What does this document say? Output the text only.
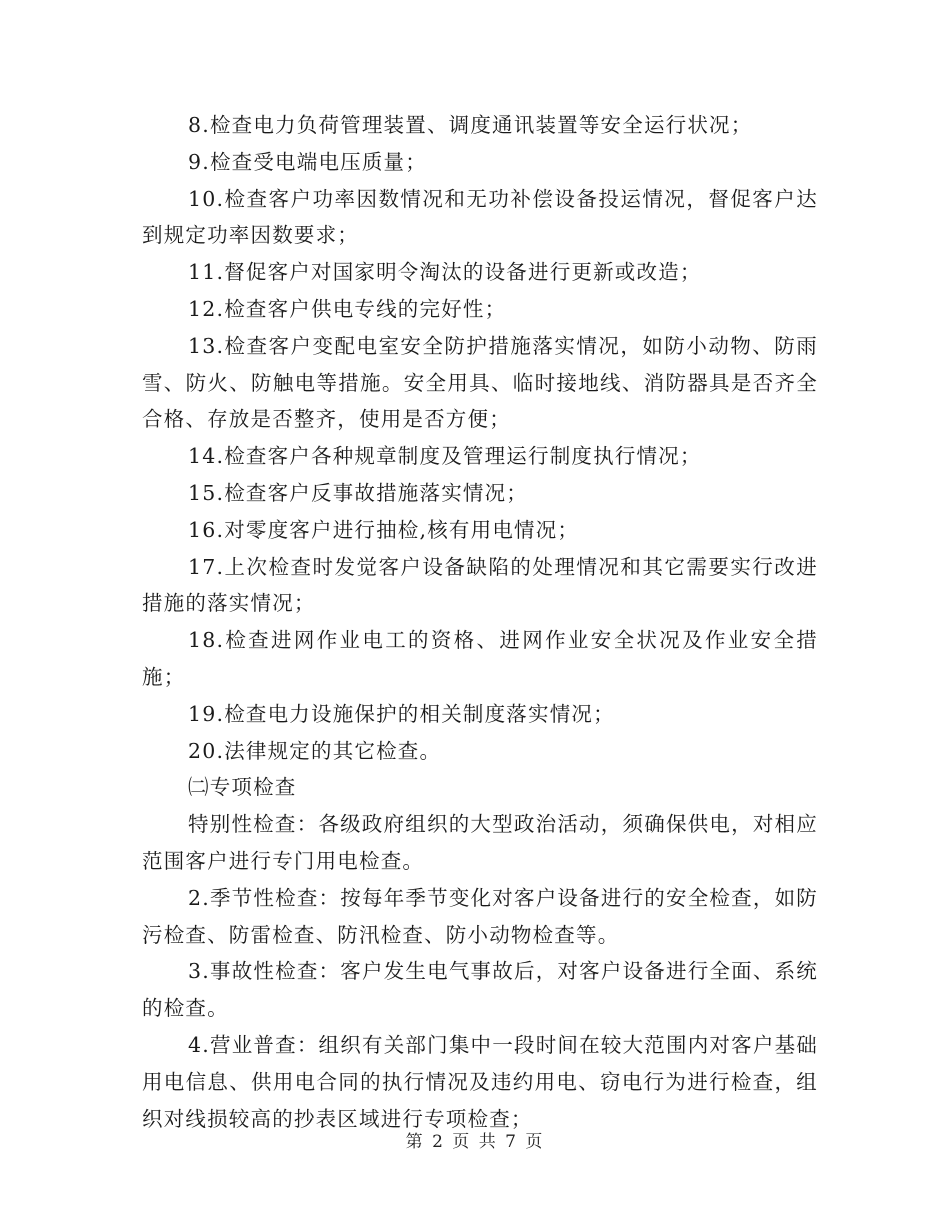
8.检查电力负荷管理装置、调度通讯装置等安全运行状况；

9.检查受电端电压质量；

10.检查客户功率因数情况和无功补偿设备投运情况，督促客户达到规定功率因数要求；

11.督促客户对国家明令淘汰的设备进行更新或改造；

12.检查客户供电专线的完好性；

13.检查客户变配电室安全防护措施落实情况，如防小动物、防雨雪、防火、防触电等措施。安全用具、临时接地线、消防器具是否齐全合格、存放是否整齐，使用是否方便；

14.检查客户各种规章制度及管理运行制度执行情况；

15.检查客户反事故措施落实情况；

16.对零度客户进行抽检,核有用电情况；

17.上次检查时发觉客户设备缺陷的处理情况和其它需要实行改进措施的落实情况；

18.检查进网作业电工的资格、进网作业安全状况及作业安全措施；

19.检查电力设施保护的相关制度落实情况；

20.法律规定的其它检查。

㈡专项检查

特别性检查：各级政府组织的大型政治活动，须确保供电，对相应范围客户进行专门用电检查。

2.季节性检查：按每年季节变化对客户设备进行的安全检查，如防污检查、防雷检查、防汛检查、防小动物检查等。

3.事故性检查：客户发生电气事故后，对客户设备进行全面、系统的检查。

4.营业普查：组织有关部门集中一段时间在较大范围内对客户基础用电信息、供用电合同的执行情况及违约用电、窃电行为进行检查，组织对线损较高的抄表区域进行专项检查；

第 2 页 共 7 页
